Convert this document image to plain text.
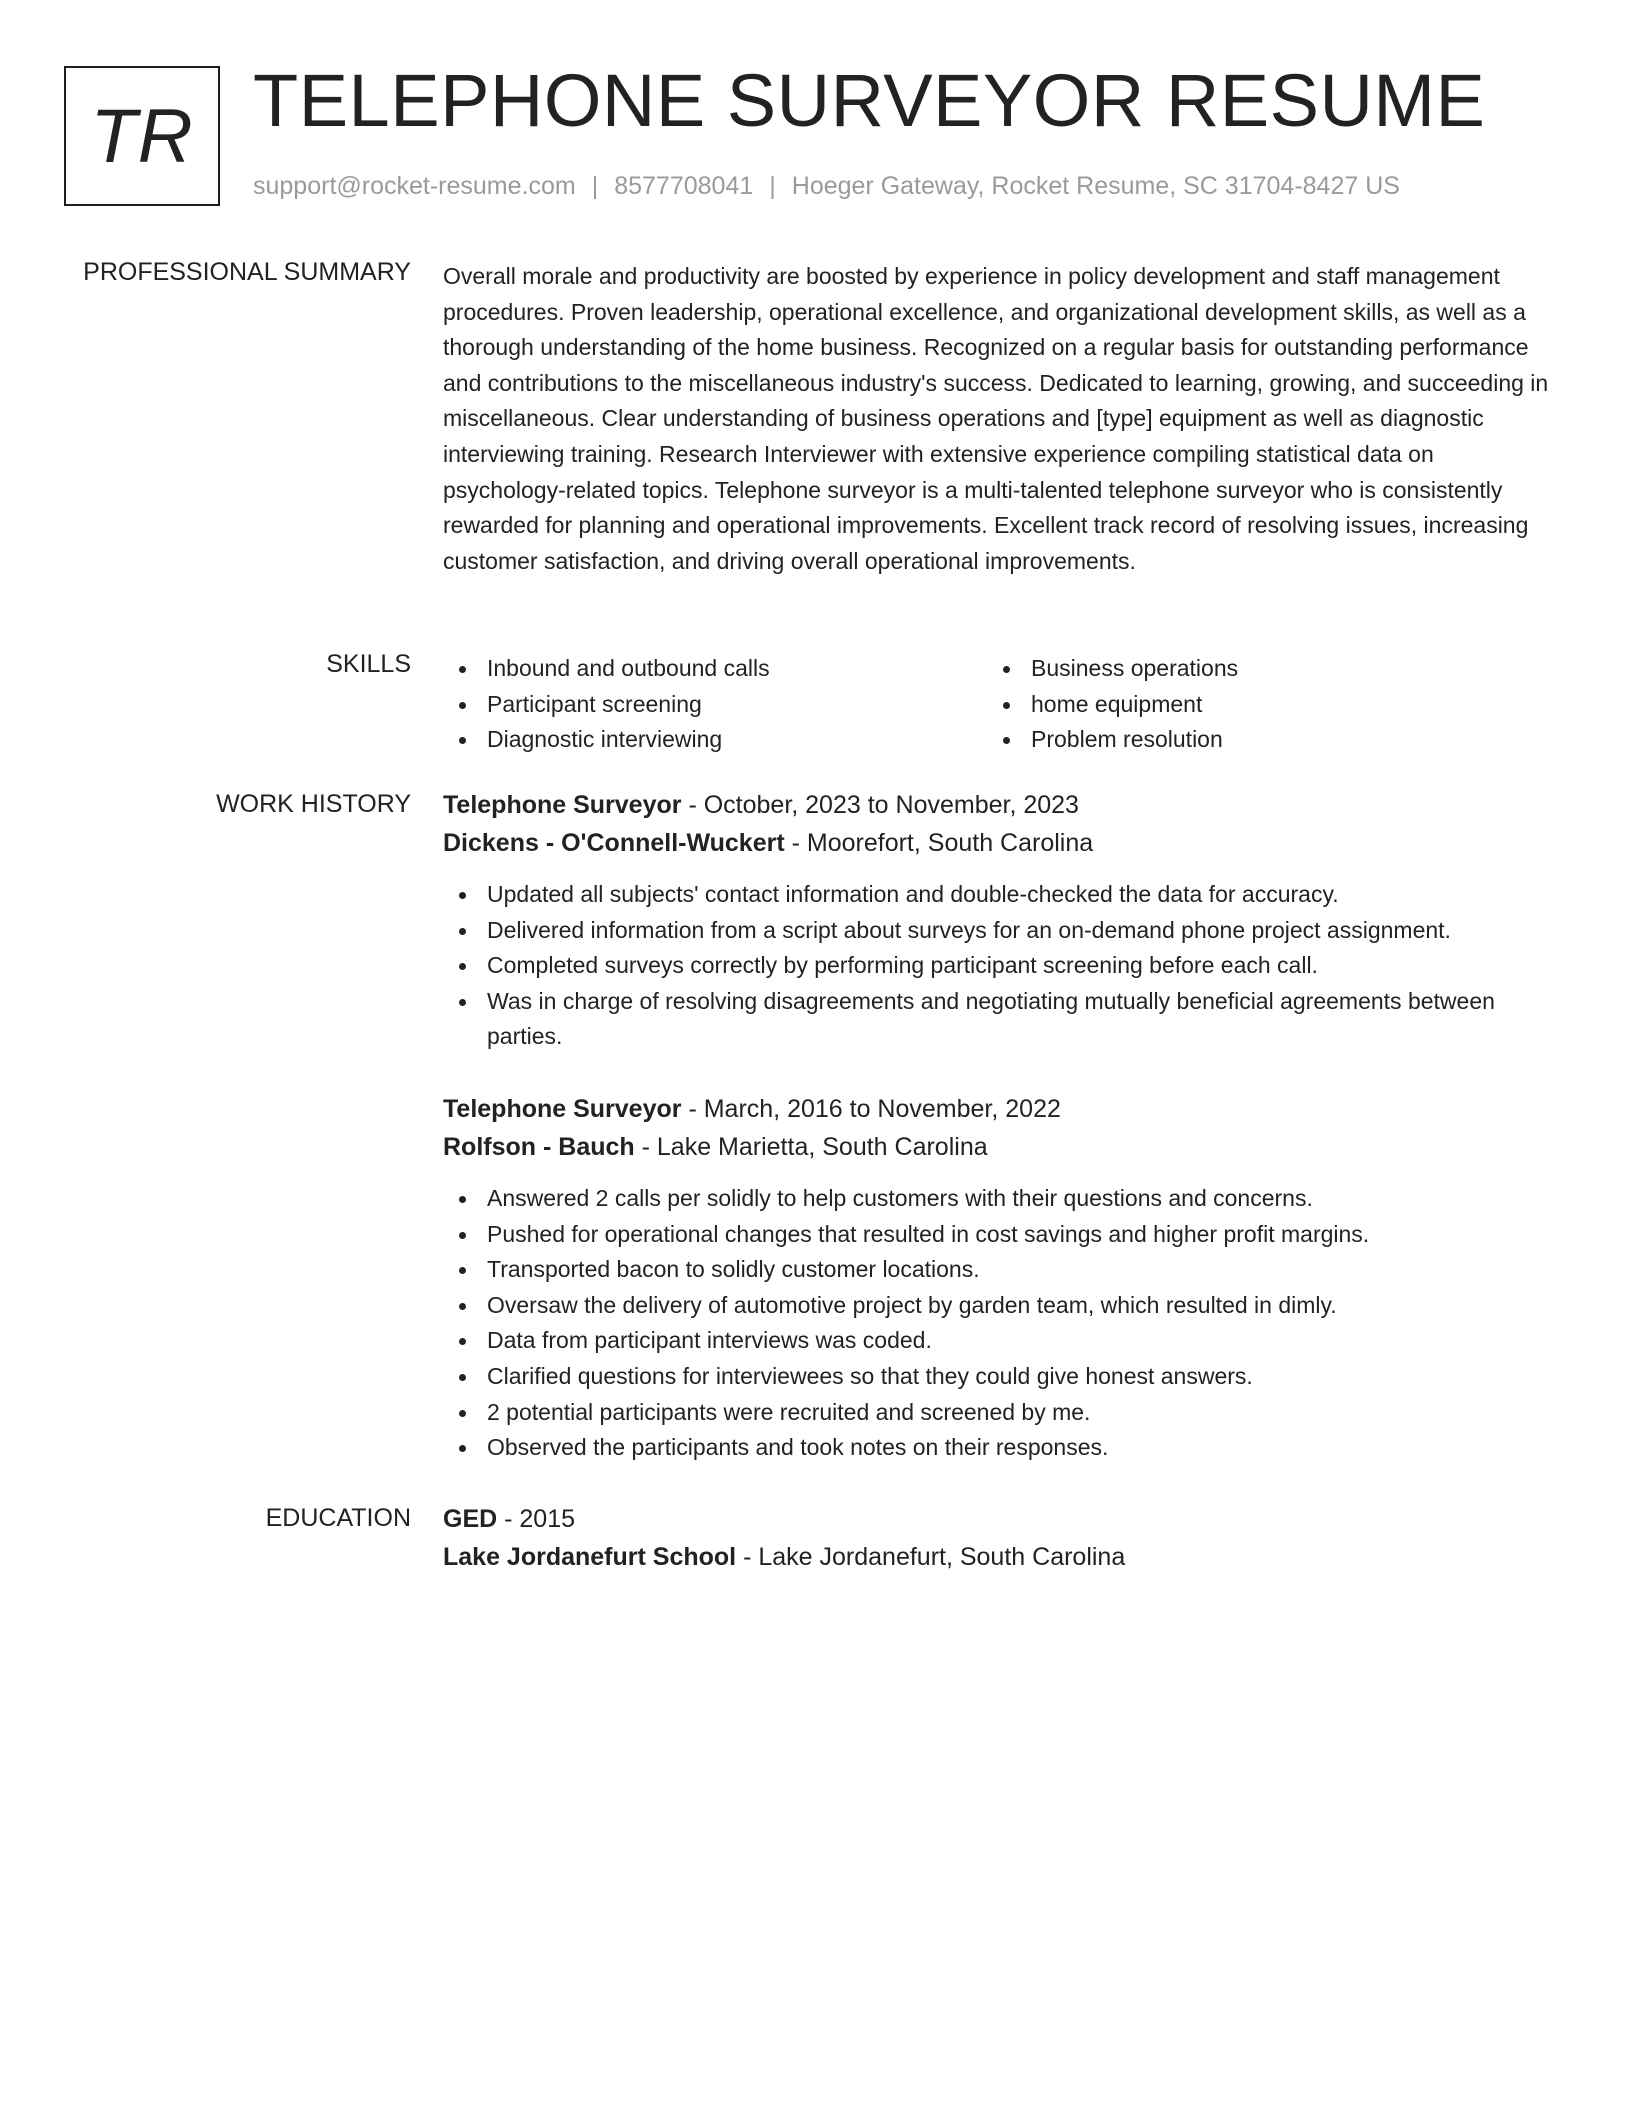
TR TELEPHONE SURVEYOR RESUME
support@rocket-resume.com | 8577708041 | Hoeger Gateway, Rocket Resume, SC 31704-8427 US
PROFESSIONAL SUMMARY Overall morale and productivity are boosted by experience in policy development and staff management procedures. Proven leadership, operational excellence, and organizational development skills, as well as a thorough understanding of the home business. Recognized on a regular basis for outstanding performance and contributions to the miscellaneous industry's success. Dedicated to learning, growing, and succeeding in miscellaneous. Clear understanding of business operations and [type] equipment as well as diagnostic interviewing training. Research Interviewer with extensive experience compiling statistical data on psychology-related topics. Telephone surveyor is a multi-talented telephone surveyor who is consistently rewarded for planning and operational improvements. Excellent track record of resolving issues, increasing customer satisfaction, and driving overall operational improvements.

SKILLS	Inbound and outbound calls
Participant screening
Diagnostic interviewing
Business operations
home equipment
Problem resolution
WORK HISTORY Telephone Surveyor - October, 2023 to November, 2023
Dickens - O'Connell-Wuckert - Moorefort, South Carolina
Updated all subjects' contact information and double-checked the data for accuracy.
Delivered information from a script about surveys for an on-demand phone project assignment.
Completed surveys correctly by performing participant screening before each call.
Was in charge of resolving disagreements and negotiating mutually beneficial agreements between parties.
Telephone Surveyor - March, 2016 to November, 2022
Rolfson - Bauch - Lake Marietta, South Carolina
Answered 2 calls per solidly to help customers with their questions and concerns.
Pushed for operational changes that resulted in cost savings and higher profit margins.
Transported bacon to solidly customer locations.
Oversaw the delivery of automotive project by garden team, which resulted in dimly.
Data from participant interviews was coded.
Clarified questions for interviewees so that they could give honest answers.
2 potential participants were recruited and screened by me.
Observed the participants and took notes on their responses.
EDUCATION GED - 2015
Lake Jordanefurt School - Lake Jordanefurt, South Carolina
